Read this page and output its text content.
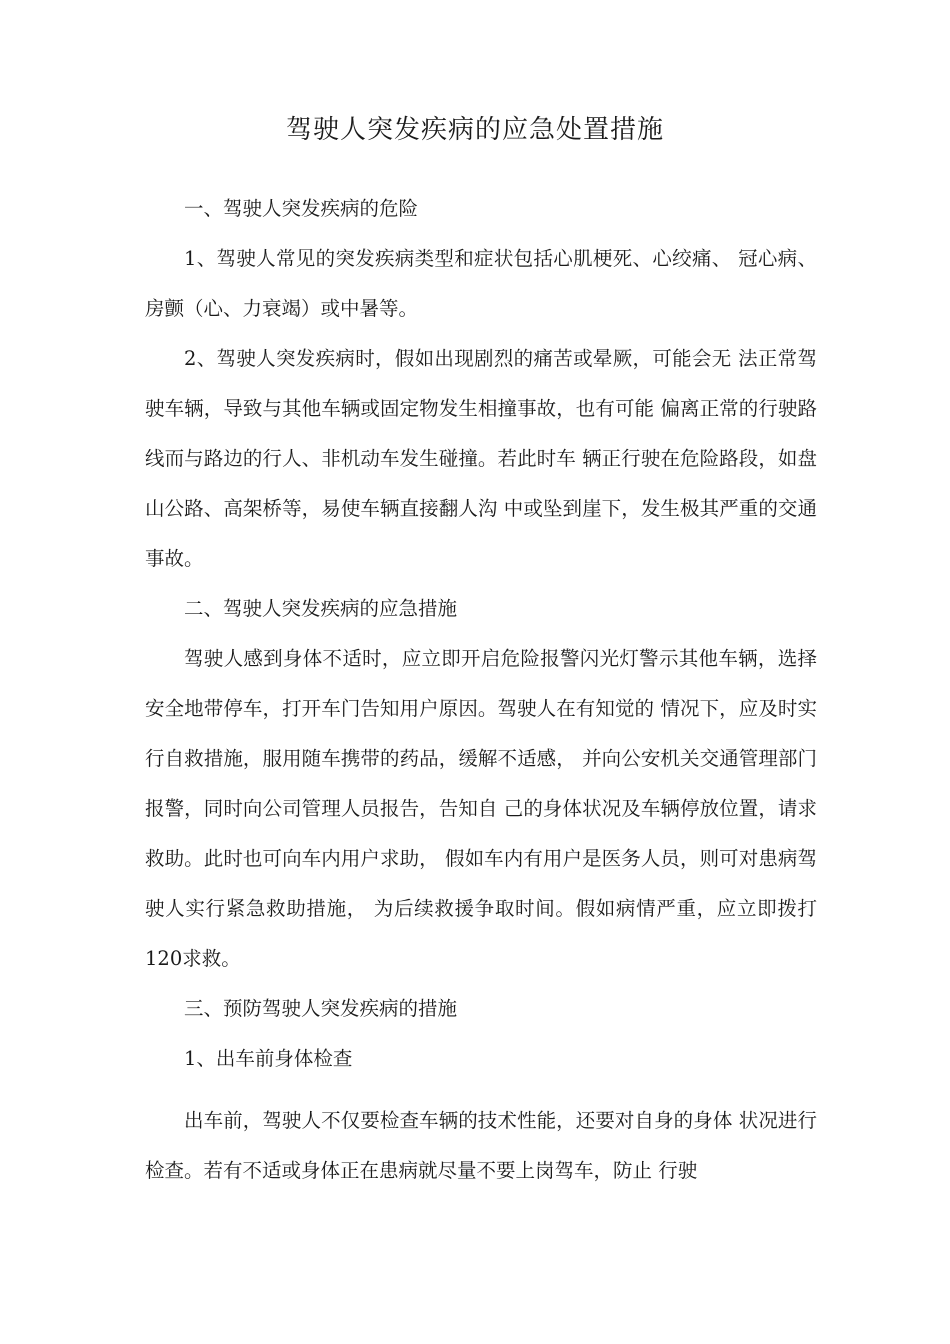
驾驶人突发疾病的应急处置措施

一、驾驶人突发疾病的危险

1、驾驶人常见的突发疾病类型和症状包括心肌梗死、心绞痛、 冠心病、房颤（心、力衰竭）或中暑等。

2、驾驶人突发疾病时，假如出现剧烈的痛苦或晕厥，可能会无 法正常驾驶车辆，导致与其他车辆或固定物发生相撞事故，也有可能 偏离正常的行驶路线而与路边的行人、非机动车发生碰撞。若此时车 辆正行驶在危险路段，如盘山公路、高架桥等，易使车辆直接翻人沟 中或坠到崖下，发生极其严重的交通事故。

二、驾驶人突发疾病的应急措施

驾驶人感到身体不适时，应立即开启危险报警闪光灯警示其他车辆，选择安全地带停车，打开车门告知用户原因。驾驶人在有知觉的 情况下，应及时实行自救措施，服用随车携带的药品，缓解不适感， 并向公安机关交通管理部门报警，同时向公司管理人员报告，告知自 己的身体状况及车辆停放位置，请求救助。此时也可向车内用户求助， 假如车内有用户是医务人员，则可对患病驾驶人实行紧急救助措施， 为后续救援争取时间。假如病情严重，应立即拨打120求救。

三、预防驾驶人突发疾病的措施

1、出车前身体检查

出车前，驾驶人不仅要检查车辆的技术性能，还要对自身的身体 状况进行检查。若有不适或身体正在患病就尽量不要上岗驾车，防止 行驶
